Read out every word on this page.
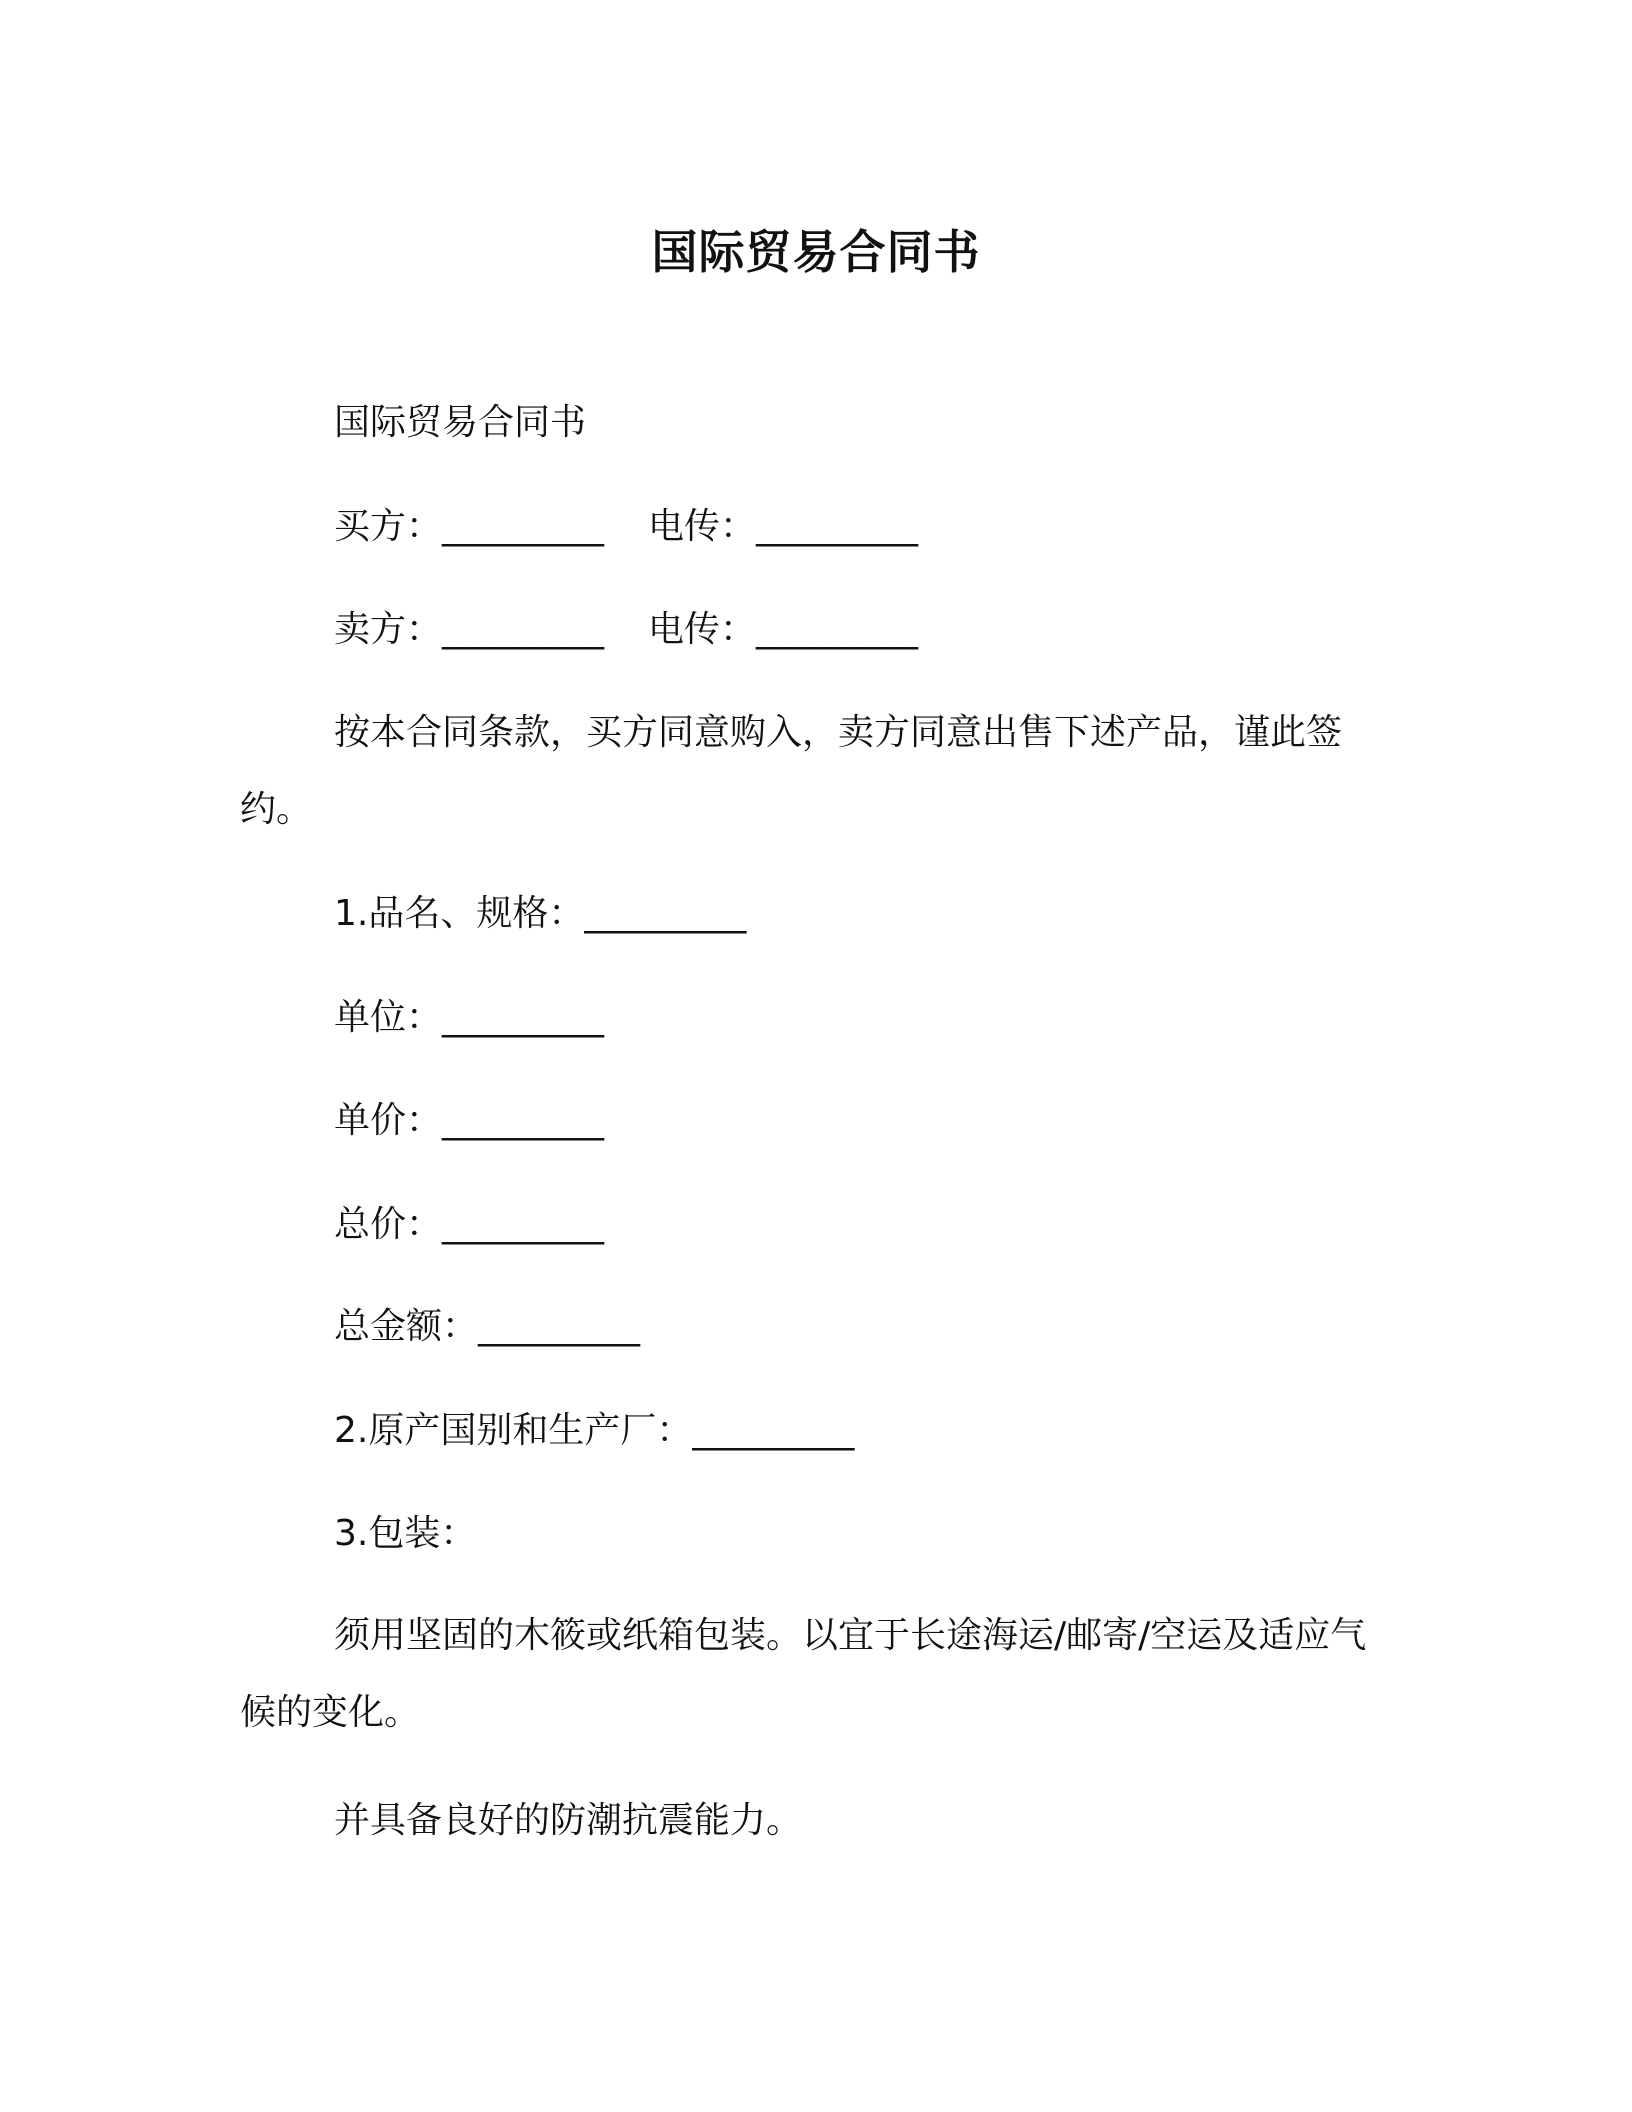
国际贸易合同书
国际贸易合同书
买方：_________ 电传：_________
卖方：_________ 电传：_________
按本合同条款，买方同意购入，卖方同意出售下述产品，谨此签约。
1.品名、规格：_________
单位：_________
单价：_________
总价：_________
总金额：_________
2.原产国别和生产厂：_________
3.包装：
须用坚固的木筱或纸箱包装。以宜于长途海运/邮寄/空运及适应气候的变化。
并具备良好的防潮抗震能力。
